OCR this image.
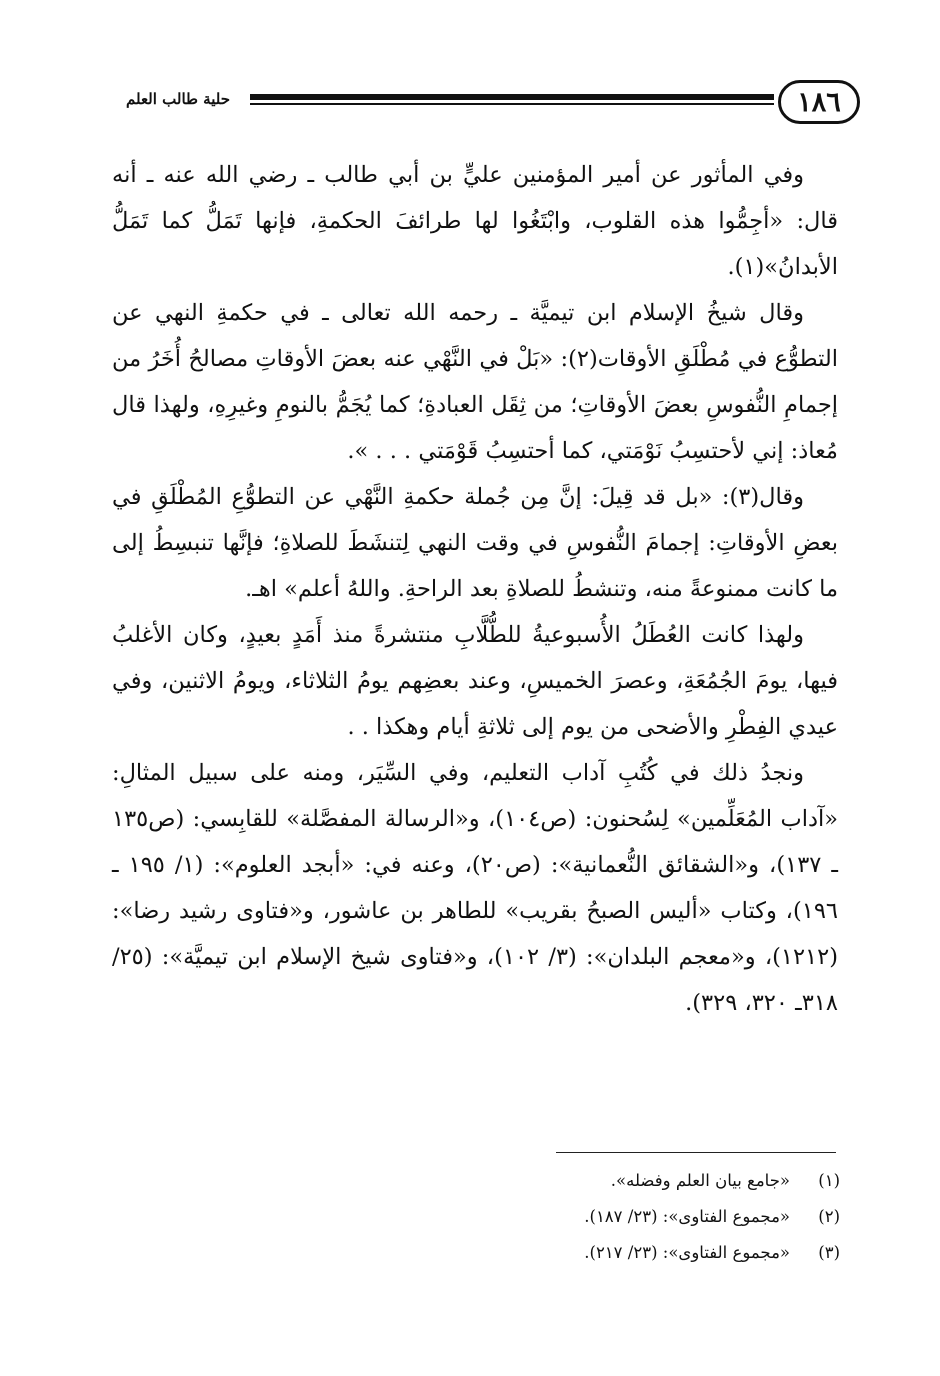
١٨٦
حلية طالب العلم

وفي المأثور عن أمير المؤمنين عليٍّ بن أبي طالب ـ رضي الله عنه ـ أنه قال: «أجِمُّوا هذه القلوب، وابْتَغُوا لها طرائفَ الحكمةِ، فإنها تَمَلُّ كما تَمَلُّ الأبدانُ»(١).

وقال شيخُ الإسلام ابن تيميَّة ـ رحمه الله تعالى ـ في حكمةِ النهي عن التطوُّع في مُطْلَقِ الأوقات(٢): «بَلْ في النَّهْي عنه بعضَ الأوقاتِ مصالحُ أُخَرُ من إجمامِ النُّفوسِ بعضَ الأوقاتِ؛ من ثِقَل العبادةِ؛ كما يُجَمُّ بالنومِ وغيرِهِ، ولهذا قال مُعاذ: إني لأحتسِبُ نَوْمَتي، كما أحتسِبُ قَوْمَتي . . . ».

وقال(٣): «بل قد قِيلَ: إنَّ مِن جُملة حكمةِ النَّهْي عن التطوُّعِ المُطْلَقِ في بعضِ الأوقاتِ: إجمامَ النُّفوسِ في وقت النهي لِتنشَطَ للصلاةِ؛ فإنَّها تنبسِطُ إلى ما كانت ممنوعةً منه، وتنشطُ للصلاةِ بعد الراحةِ. واللهُ أعلم» اهـ.

ولهذا كانت العُطَلُ الأُسبوعيةُ للطُّلَّابِ منتشرةً منذ أَمَدٍ بعيدٍ، وكان الأغلبُ فيها، يومَ الجُمُعَةِ، وعصرَ الخميسِ، وعند بعضِهم يومُ الثلاثاء، ويومُ الاثنين، وفي عيدي الفِطْرِ والأضحى من يوم إلى ثلاثةِ أيام وهكذا . .

ونجدُ ذلك في كُتُبِ آداب التعليم، وفي السِّيَر، ومنه على سبيل المثالِ: «آداب المُعَلِّمين» لِسُحنون: (ص١٠٤)، و«الرسالة المفصَّلة» للقابِسي: (ص١٣٥ ـ ١٣٧)، و«الشقائق النُّعمانية»: (ص٢٠)، وعنه في: «أبجد العلوم»: (١/ ١٩٥ ـ ١٩٦)، وكتاب «أليس الصبحُ بقريب» للطاهر بن عاشور، و«فتاوى رشيد رضا»: (١٢١٢)، و«معجم البلدان»: (٣/ ١٠٢)، و«فتاوى شيخ الإسلام ابن تيميَّة»: (٢٥/ ٣١٨ـ ٣٢٠، ٣٢٩).

(١)
«جامع بيان العلم وفضله».
(٢)
«مجموع الفتاوى»: (٢٣/ ١٨٧).
(٣)
«مجموع الفتاوى»: (٢٣/ ٢١٧).
